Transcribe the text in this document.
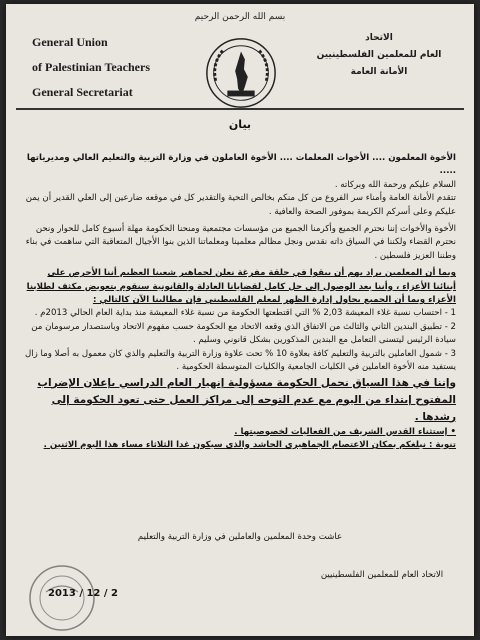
بسم الله الرحمن الرحيم
General Union
of Palestinian Teachers
General Secretariat
الاتحاد
العام للمعلمين الفلسطينيين
الأمانة العامة
بيان

الأخوة المعلمون .... الأخوات المعلمات .... الأخوة العاملون في وزارة التربية والتعليم العالي ومديرياتها .....

السلام عليكم ورحمة الله وبركاته .

تتقدم الأمانة العامة وأمناء سر الفروع من كل منكم بخالص التحية والتقدير كل في موقعه ضارعين إلى العلي القدير أن يمن عليكم وعلى أسركم الكريمة بموفور الصحة والعافية .

الأخوة والأخوات إننا نحترم الجميع وأكرمنا الجميع من مؤسسات مجتمعية ومنحنا الحكومة مهلة أسبوع كامل للحوار ونحن نحترم القضاء ولكننا في السياق ذاته نقدس ونجل مظالم معلمينا ومعلماتنا الذين بنوا الأجيال المتعاقبة التي ساهمت في بناء وطننا العزيز فلسطين .

وبما أن المعلمين يراد بهم أن يبقوا في حلقة مفرغة نعلن لجماهير شعبنا العظيم أننا الأحرص على أبنائنا الأعزاء ، وأننا بعد الوصول إلى حل كامل لقضايانا العادلة والقانونية سنقوم بتعويض مكثف لطلابنا الأعزاء وبما أن الجميع يحاول إدارة الظهر لمعلم الفلسطيني فإن مطالبنا الآن كالتالي :

1 - احتساب نسبة غلاء المعيشة 2,03 % التي اقتطعتها الحكومة من نسبة غلاء المعيشة منذ بداية العام الحالي 2013م .

2 - تطبيق البندين الثاني والثالث من الاتفاق الذي وقعه الاتحاد مع الحكومة حسب مفهوم الاتحاد وباستصدار مرسومان من سيادة الرئيس ليتسنى التعامل مع البندين المذكورين بشكل قانوني وسليم .

3 - شمول العاملين بالتربية والتعليم كافة بعلاوة 10 % تحت علاوة وزارة التربية والتعليم والذي كان معمول به أصلا وما زال يستفيد منه الأخوة العاملين في الكليات الجامعية والكليات المتوسطة الحكومية .

وإننا في هذا السياق نحمل الحكومة مسؤولية إنهيار العام الدراسي بإعلان الإضراب المفتوح إبتداء من اليوم مع عدم التوجه إلى مراكز العمل حتى تعود الحكومة إلى رشدها .

• إستثناء القدس الشريف من الفعاليات لخصوصيتها .

تنوية : نبلغكم بمكان الاعتصام الجماهيري الحاشد والذي سيكون غدا الثلاثاء مساء هذا اليوم الاثنين .

عاشت وحدة المعلمين والعاملين في وزارة التربية والتعليم
الاتحاد العام للمعلمين الفلسطينيين
2013 / 12 / 2
